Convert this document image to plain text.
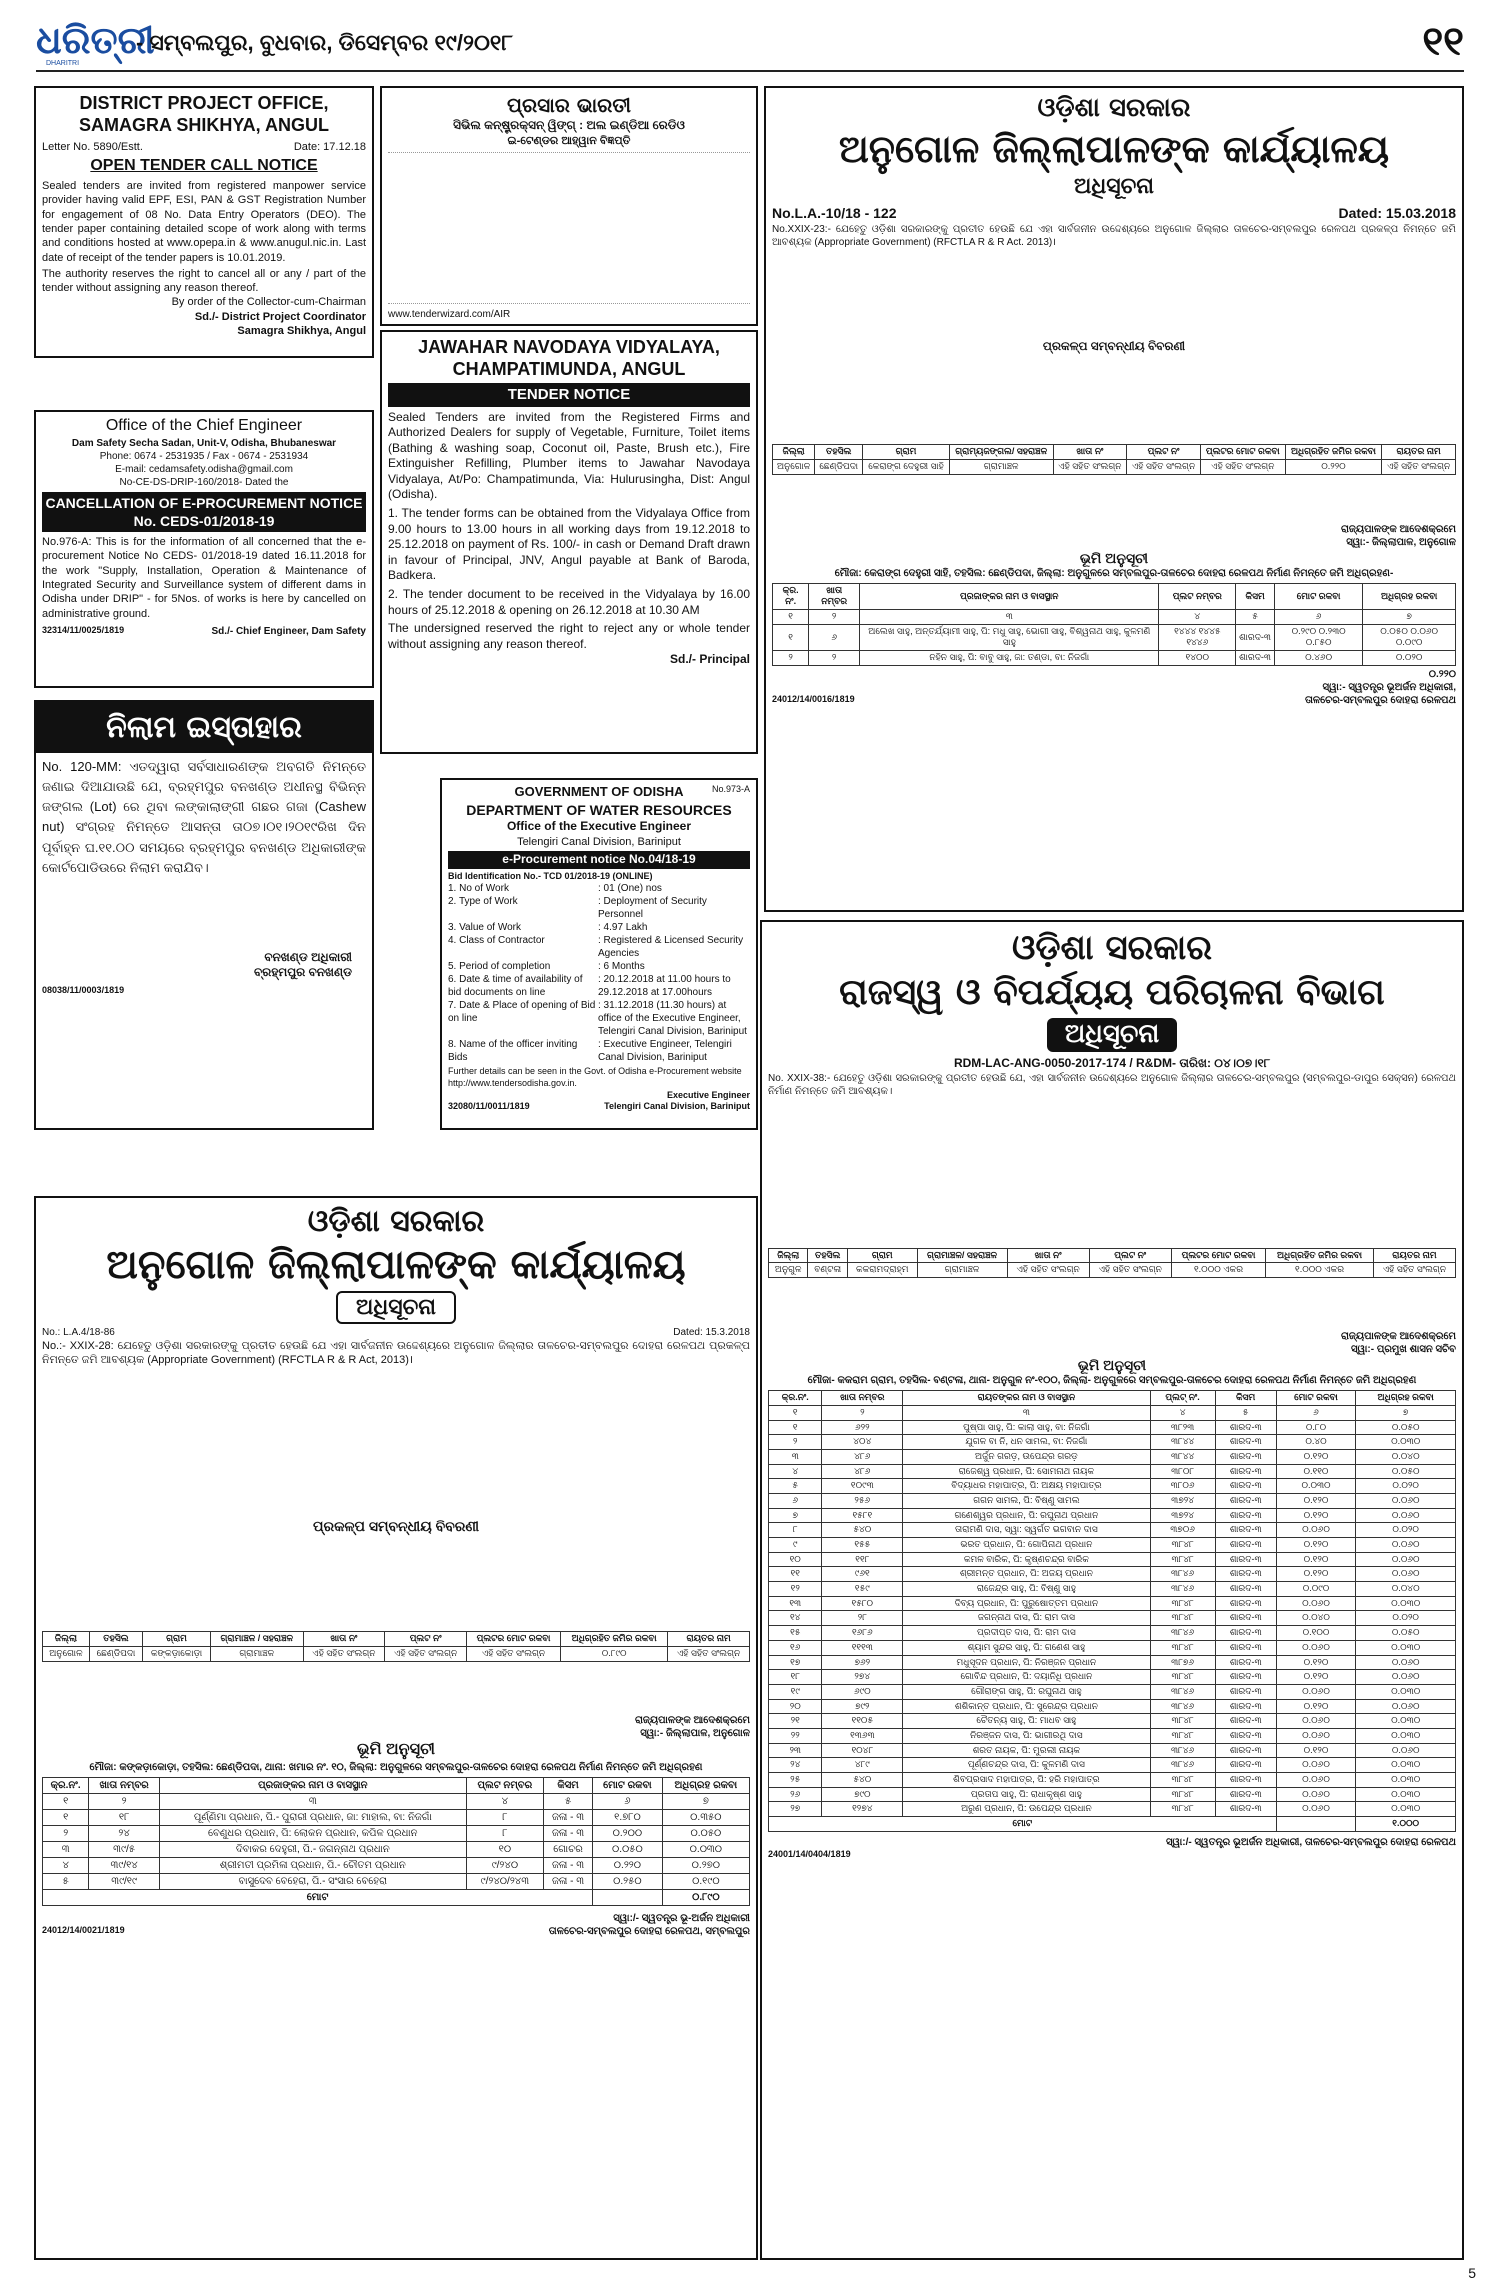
ଧରିତ୍ରୀ
DHARITRI
- ସମ୍ବଲପୁର, ବୁଧବାର, ଡିସେମ୍ବର ୧୯/୨୦୧୮	୧୧
DISTRICT PROJECT OFFICE, SAMAGRA SHIKHYA, ANGUL
Letter No. 5890/Estt.	Date: 17.12.18
OPEN TENDER CALL NOTICE
Sealed tenders are invited from registered manpower service provider having valid EPF, ESI, PAN & GST Registration Number for engagement of 08 No. Data Entry Operators (DEO). The tender paper containing detailed scope of work along with terms and conditions hosted at www.opepa.in & www.anugul.nic.in. Last date of receipt of the tender papers is 10.01.2019.
The authority reserves the right to cancel all or any / part of the tender without assigning any reason thereof.
By order of the Collector-cum-Chairman
Sd./- District Project Coordinator
Samagra Shikhya, Angul
ପ୍ରସାର ଭାରତୀ
ସିଭିଲ କନ୍‌ଷ୍ଟ୍ରକ୍ସନ୍ ୱିଙ୍ଗ୍ : ଅଲ ଇଣ୍ଡିଆ ରେଡିଓ
ଇ-ଟେଣ୍ଡର ଆହ୍ୱାନ ବିଜ୍ଞପ୍ତି
www.tenderwizard.com/AIR
Office of the Chief Engineer
Dam Safety Secha Sadan, Unit-V, Odisha, Bhubaneswar
Phone: 0674 - 2531935 / Fax - 0674 - 2531934
E-mail: cedamsafety.odisha@gmail.com
No-CE-DS-DRIP-160/2018- Dated the
CANCELLATION OF E-PROCUREMENT NOTICE No. CEDS-01/2018-19
No.976-A: This is for the information of all concerned that the e-procurement Notice No CEDS- 01/2018-19 dated 16.11.2018 for the work "Supply, Installation, Operation & Maintenance of Integrated Security and Surveillance system of different dams in Odisha under DRIP" - for 5Nos. of works is here by cancelled on administrative ground.
32314/11/0025/1819	Sd./- Chief Engineer, Dam Safety
JAWAHAR NAVODAYA VIDYALAYA, CHAMPATIMUNDA, ANGUL
TENDER NOTICE
Sealed Tenders are invited from the Registered Firms and Authorized Dealers for supply of Vegetable, Furniture, Toilet items (Bathing & washing soap, Coconut oil, Paste, Brush etc.), Fire Extinguisher Refilling, Plumber items to Jawahar Navodaya Vidyalaya, At/Po: Champatimunda, Via: Hulurusingha, Dist: Angul (Odisha).
1. The tender forms can be obtained from the Vidyalaya Office from 9.00 hours to 13.00 hours in all working days from 19.12.2018 to 25.12.2018 on payment of Rs. 100/- in cash or Demand Draft drawn in favour of Principal, JNV, Angul payable at Bank of Baroda, Badkera.
2. The tender document to be received in the Vidyalaya by 16.00 hours of 25.12.2018 & opening on 26.12.2018 at 10.30 AM
The undersigned reserved the right to reject any or whole tender without assigning any reason thereof.
Sd./- Principal
ନିଲାମ ଇସ୍ତାହାର
No. 120-MM: ଏତଦ୍ୱାରା ସର୍ବସାଧାରଣଙ୍କ ଅବଗତି ନିମନ୍ତେ ଜଣାଇ ଦିଆଯାଉଛି ଯେ, ବ୍ରହ୍ମପୁର ବନଖଣ୍ଡ ଅଧୀନସ୍ଥ ବିଭିନ୍ନ ଜଙ୍ଗଲ (Lot) ରେ ଥିବା ଲଙ୍କାଲାଙ୍ଗୀ ଗଛର ଗଜା (Cashew nut) ସଂଗ୍ରହ ନିମନ୍ତେ ଆସନ୍ତା ତା୦୭।୦୧।୨୦୧୯ରିଖ ଦିନ ପୂର୍ବାହ୍ନ ଘ.୧୧.୦୦ ସମୟରେ ବ୍ରହ୍ମପୁର ବନଖଣ୍ଡ ଅଧିକାରୀଙ୍କ କୋର୍ଟପୋଡିଉରେ ନିଲାମ କରାଯିବ।
ବନଖଣ୍ଡ ଅଧିକାରୀ
ବ୍ରହ୍ମପୁର ବନଖଣ୍ଡ
08038/11/0003/1819
GOVERNMENT OF ODISHA	No.973-A
DEPARTMENT OF WATER RESOURCES
Office of the Executive Engineer
Telengiri Canal Division, Bariniput
e-Procurement notice No.04/18-19
Bid Identification No.- TCD 01/2018-19 (ONLINE)
1. No of Work	: 01 (One) nos
2. Type of Work	: Deployment of Security Personnel
3. Value of Work	: 4.97 Lakh
4. Class of Contractor	: Registered & Licensed Security Agencies
5. Period of completion	: 6 Months
6. Date & time of availability of bid documents on line
: 20.12.2018 at 11.00 hours to 29.12.2018 at 17.00hours
7. Date & Place of opening of Bid on line
: 31.12.2018 (11.30 hours) at office of the Executive Engineer, Telengiri Canal Division, Bariniput
8. Name of the officer inviting Bids
: Executive Engineer, Telengiri Canal Division, Bariniput
Further details can be seen in the Govt. of Odisha e-Procurement website http://www.tendersodisha.gov.in.
Executive Engineer
32080/11/0011/1819	Telengiri Canal Division, Bariniput
ଓଡ଼ିଶା ସରକାର
ଅନୁଗୋଳ ଜିଲ୍ଲାପାଳଙ୍କ କାର୍ଯ୍ୟାଳୟ
ଅଧିସୂଚନା
No.L.A.-10/18 - 122	Dated: 15.03.2018
No.XXIX-23:- ଯେହେତୁ ଓଡ଼ିଶା ସରକାରଙ୍କୁ ପ୍ରତୀତ ହେଉଛି ଯେ ଏହା ସାର୍ବଜନୀନ ଉଦ୍ଦେଶ୍ୟରେ ଅନୁଗୋଳ ଜିଲ୍ଲାର ତାଳଚେର-ସମ୍ବଲପୁର ରେଳପଥ ପ୍ରକଳ୍ପ ନିମନ୍ତେ ଜମି ଆବଶ୍ୟକ (Appropriate Government) (RFCTLA R & R Act. 2013)।
ପ୍ରକଳ୍ପ ସମ୍ବନ୍ଧୀୟ ବିବରଣୀ
ଜିଲ୍ଲା	ତହସିଲ	ଗ୍ରାମ	ଗ୍ରାମ୍ୟଜଙ୍ଗଲ/ ସହରାଞ୍ଚଳ	ଖାତା ନଂ	ପ୍ଲଟ ନଂ	ପ୍ଲଟର ମୋଟ ରକବା	ଅଧିଗ୍ରହିତ ଜମିର ରକବା	ରାୟତର ନାମ
ଅନୁଗୋଳ	ଛେଣ୍ଡିପଦା	କେରାଙ୍ଗ ଦେହୁରୀ ସାହି	ଗ୍ରାମାଞ୍ଚଳ	ଏହି ସହିତ ସଂଲଗ୍ନ	ଏହି ସହିତ ସଂଲଗ୍ନ	ଏହି ସହିତ ସଂଲଗ୍ନ	୦.୨୨୦	ଏହି ସହିତ ସଂଲଗ୍ନ
ରାଜ୍ୟପାଳଙ୍କ ଆଦେଶକ୍ରମେ
ସ୍ୱା:- ଜିଲ୍ଲାପାଳ, ଅନୁଗୋଳ
ଭୂମି ଅନୁସୂଚୀ
ମୌଜା: କେରାଙ୍ଗ ଦେହୁରୀ ସାହି, ତହସିଲ: ଛେଣ୍ଡିପଦା, ଜିଲ୍ଲା: ଅନୁଗୁଳରେ ସମ୍ବଲପୁର-ତାଳଚେର ଦୋହରା ରେଳପଥ ନିର୍ମାଣ ନିମନ୍ତେ ଜମି ଅଧିଗ୍ରହଣ-
କ୍ର. ନଂ.	ଖାତା ନମ୍ବର	ପ୍ରଜାଙ୍କର ନାମ ଓ ବାସସ୍ଥାନ	ପ୍ଲଟ ନମ୍ବର	କିସମ	ମୋଟ ରକବା	ଅଧିଗ୍ରହ ରକବା
୧	୨	୩	୪	୫	୬	୭
୧	୬	ଅଲେଖ ସାହୁ, ଅନ୍ତର୍ଯ୍ୟାମୀ ସାହୁ, ପି: ମଧୁ ସାହୁ, ଭୋଗୀ ସାହୁ, ବିଶ୍ୱନାଥ ସାହୁ, କୁଳମଣି ସାହୁ	୧୪୪୪ ୧୪୪୫ ୧୪୪୬	ଶାରଦ-୩	୦.୨୯୦ ୦.୨୩୦ ୦.୮୫୦	୦.୦୫୦ ୦.୦୬୦ ୦.୦୯୦
୨	୨	ନହିନ ସାହୁ, ପି: ବାବୁ ସାହୁ, ଜା: ତଣ୍ଡା, ବା: ନିଜଗାଁ	୧୪୦୦	ଶାରଦ-୩	୦.୪୬୦	୦.୦୨୦
୦.୨୨୦
ସ୍ୱା:- ସ୍ୱତନ୍ତ୍ର ଭୂଅର୍ଜନ ଅଧିକାରୀ,
24012/14/0016/1819	ତାଳଚେର-ସମ୍ବଲପୁର ଦୋହରା ରେଳପଥ
ଓଡ଼ିଶା ସରକାର
ରାଜସ୍ୱ ଓ ବିପର୍ଯ୍ୟୟ ପରିଚାଳନା ବିଭାଗ
ଅଧିସୂଚନା
RDM-LAC-ANG-0050-2017-174 / R&DM- ତାରିଖ: ୦୪।୦୭।୧୮
No. XXIX-38:- ଯେହେତୁ ଓଡ଼ିଶା ସରକାରଙ୍କୁ ପ୍ରତୀତ ହେଉଛି ଯେ, ଏହା ସାର୍ବଜନୀନ ଉଦ୍ଦେଶ୍ୟରେ ଅନୁଗୋଳ ଜିଲ୍ଲାର ତାଳଚେର-ସମ୍ବଲପୁର (ସମ୍ବଲପୁର-ଡାପୁର ସେକ୍ସନ) ରେଳପଥ ନିର୍ମାଣ ନିମନ୍ତେ ଜମି ଆବଶ୍ୟକ।
ଜିଲ୍ଲା	ତହସିଲ	ଗ୍ରାମ	ଗ୍ରାମାଞ୍ଚଳ/ ସହରାଞ୍ଚଳ	ଖାତା ନଂ	ପ୍ଲଟ ନଂ	ପ୍ଲଟର ମୋଟ ରକବା	ଅଧିଗ୍ରହିତ ଜମିର ରକବା	ରାୟତର ନାମ
ଅନୁଗୁଳ	ବଣ୍ଟଳା	କକରାମଦ୍ରାହ୍ମ	ଗ୍ରାମାଞ୍ଚଳ	ଏହି ସହିତ ସଂଲଗ୍ନ	ଏହି ସହିତ ସଂଲଗ୍ନ	୧.୦୦୦ ଏକର	୧.୦୦୦ ଏକର	ଏହି ସହିତ ସଂଲଗ୍ନ
ରାଜ୍ୟପାଳଙ୍କ ଆଦେଶକ୍ରମେ
ସ୍ୱା:- ପ୍ରମୁଖ ଶାସନ ସଚିବ
ଭୂମି ଅନୁସୂଚୀ
ମୌଜା- କକରାମ ଗ୍ରାମ, ତହସିଲ- ବଣ୍ଟଳା, ଥାନା- ଅନୁଗୁଳ ନଂ-୧୦୦, ଜିଲ୍ଲା- ଅନୁଗୁଳରେ ସମ୍ବଲପୁର-ତାଳଚେର ଦୋହରା ରେଳପଥ ନିର୍ମାଣ ନିମନ୍ତେ ଜମି ଅଧିଗ୍ରହଣ
କ୍ର.ନଂ.	ଖାତା ନମ୍ବର	ରାୟତଙ୍କର ନାମ ଓ ବାସସ୍ଥାନ	ପ୍ଲଟ୍ ନଂ.	କିସମ	ମୋଟ ରକବା	ଅଧିଗ୍ରହ ରକବା
୧	୨	୩	୪	୫	୬	୭
୧	୬୨୨	ପୁଷ୍ପା ସାହୁ, ପି: କାଲା ସାହୁ, ବା: ନିଜଗାଁ	୩୮୨୩	ଶାରଦ-୩	୦.୮୦	୦.୦୫୦
୨	୪୦୪	ଯୁଗଳ ବା ନି, ଧନ ସାମଲ, ବା: ନିଜଗାଁ	୩୮୪୪	ଶାରଦ-୩	୦.୪୦	୦.୦୩୦
୩	୪୮୬	ଅର୍ଜୁନ ଗରଡ଼, ଉପେନ୍ଦ୍ର ଗରଡ଼	୩୮୪୪	ଶାରଦ-୩	୦.୧୨୦	୦.୦୪୦
୪	୪୮୬	ରାଜେଶ୍ୱ ପ୍ରଧାନ, ପି: ସୋମନାଥ ନାୟକ	୩୮୦୮	ଶାରଦ-୩	୦.୧୧୦	୦.୦୫୦
୫	୧୦୯୩	ବିଦ୍ୟାଧର ମହାପାତ୍ର, ପି: ଅକ୍ଷୟ ମହାପାତ୍ର	୩୮୦୬	ଶାରଦ-୩	୦.୦୩୦	୦.୦୨୦
୬	୨୫୬	ଗଗନ ସାମଲ, ପି: ବିଷ୍ଣୁ ସାମଲ	୩୭୨୪	ଶାରଦ-୩	୦.୧୨୦	୦.୦୬୦
୭	୧୫୮୧	ଗଣେଶ୍ୱର ପ୍ରଧାନ, ପି: ରଘୁନାଥ ପ୍ରଧାନ	୩୭୨୪	ଶାରଦ-୩	୦.୧୨୦	୦.୦୬୦
୮	୫୪୦	ତାରାମଣି ଦାସ, ସ୍ୱା: ସ୍ୱର୍ଗତ ଭଗବାନ ଦାସ	୩୭୦୬	ଶାରଦ-୩	୦.୦୬୦	୦.୦୨୦
୯	୧୫୫	ଭରତ ପ୍ରଧାନ, ପି: ଗୋପିନାଥ ପ୍ରଧାନ	୩୮୪୮	ଶାରଦ-୩	୦.୧୨୦	୦.୦୬୦
୧୦	୧୧୮	କମଳ ବାରିକ, ପି: କୃଷ୍ଣଚନ୍ଦ୍ର ବାରିକ	୩୮୪୮	ଶାରଦ-୩	୦.୧୨୦	୦.୦୬୦
୧୧	୯୬୧	ଶ୍ରୀମନ୍ତ ପ୍ରଧାନ, ପି: ଅଜୟ ପ୍ରଧାନ	୩୮୪୬	ଶାରଦ-୩	୦.୧୨୦	୦.୦୬୦
୧୨	୧୫୯	ରାଜେନ୍ଦ୍ର ସାହୁ, ପି: ବିଷ୍ଣୁ ସାହୁ	୩୮୪୬	ଶାରଦ-୩	୦.୦୯୦	୦.୦୪୦
୧୩	୧୫୮୦	ଦିବ୍ୟ ପ୍ରଧାନ, ପି: ପୁରୁଷୋତ୍ତମ ପ୍ରଧାନ	୩୮୪୮	ଶାରଦ-୩	୦.୦୬୦	୦.୦୩୦
୧୪	୨୮	ଜଗନ୍ନାଥ ଦାସ, ପି: ରାମ ଦାସ	୩୮୪୮	ଶାରଦ-୩	୦.୦୪୦	୦.୦୨୦
୧୫	୧୬୮୬	ପ୍ରଦୀପ୍ତ ଦାସ, ପି: ରାମ ଦାସ	୩୮୪୬	ଶାରଦ-୩	୦.୧୦୦	୦.୦୫୦
୧୬	୧୧୧୩	ଶ୍ୟାମ ସୁନ୍ଦର ସାହୁ, ପି: ଗଣେଶ ସାହୁ	୩୮୪୮	ଶାରଦ-୩	୦.୦୬୦	୦.୦୩୦
୧୭	୭୬୨	ମଧୁସୂଦନ ପ୍ରଧାନ, ପି: ନିରଞ୍ଜନ ପ୍ରଧାନ	୩୮୭୬	ଶାରଦ-୩	୦.୧୨୦	୦.୦୬୦
୧୮	୨୭୪	ଗୋବିନ୍ଦ ପ୍ରଧାନ, ପି: ଦୟାନିଧି ପ୍ରଧାନ	୩୮୪୮	ଶାରଦ-୩	୦.୧୨୦	୦.୦୬୦
୧୯	୬୯୦	ଗୌରାଙ୍ଗ ସାହୁ, ପି: ରଘୁନାଥ ସାହୁ	୩୮୪୬	ଶାରଦ-୩	୦.୦୬୦	୦.୦୩୦
୨୦	୭୯୨	ଶଶିକାନ୍ତ ପ୍ରଧାନ, ପି: ସୁରେନ୍ଦ୍ର ପ୍ରଧାନ	୩୮୪୬	ଶାରଦ-୩	୦.୧୨୦	୦.୦୬୦
୨୧	୧୧୦୫	ଚୈତନ୍ୟ ସାହୁ, ପି: ମାଧବ ସାହୁ	୩୮୪୮	ଶାରଦ-୩	୦.୦୬୦	୦.୦୩୦
୨୨	୧୩୬୩	ନିରଞ୍ଜନ ଦାସ, ପି: ଭାଗୀରଥି ଦାସ	୩୮୪୮	ଶାରଦ-୩	୦.୦୬୦	୦.୦୩୦
୨୩	୧୦୪୮	ଶରତ ନାୟକ, ପି: ମୁରଲୀ ନାୟକ	୩୮୪୬	ଶାରଦ-୩	୦.୧୨୦	୦.୦୬୦
୨୪	୪୮୯	ପୂର୍ଣ୍ଣଚନ୍ଦ୍ର ଦାସ, ପି: କୁଳମଣି ଦାସ	୩୮୪୬	ଶାରଦ-୩	୦.୦୬୦	୦.୦୩୦
୨୫	୫୪୦	ଶିବପ୍ରସାଦ ମହାପାତ୍ର, ପି: ହରି ମହାପାତ୍ର	୩୮୪୮	ଶାରଦ-୩	୦.୦୬୦	୦.୦୩୦
୨୬	୭୯୦	ପ୍ରତାପ ସାହୁ, ପି: ରାଧାକୃଷ୍ଣ ସାହୁ	୩୮୪୮	ଶାରଦ-୩	୦.୦୬୦	୦.୦୩୦
୨୭	୧୨୭୪	ଅରୁଣ ପ୍ରଧାନ, ପି: ଉପେନ୍ଦ୍ର ପ୍ରଧାନ	୩୮୪୮	ଶାରଦ-୩	୦.୦୬୦	୦.୦୩୦
ମୋଟ						୧.୦୦୦
ସ୍ୱା:/- ସ୍ୱତନ୍ତ୍ର ଭୂଅର୍ଜନ ଅଧିକାରୀ, ତାଳଚେର-ସମ୍ବଲପୁର ଦୋହରା ରେଳପଥ
24001/14/0404/1819
ଓଡ଼ିଶା ସରକାର
ଅନୁଗୋଳ ଜିଲ୍ଲାପାଳଙ୍କ କାର୍ଯ୍ୟାଳୟ
ଅଧିସୂଚନା
No.: L.A.4/18-86	Dated: 15.3.2018
No.:- XXIX-28: ଯେହେତୁ ଓଡ଼ିଶା ସରକାରଙ୍କୁ ପ୍ରତୀତ ହେଉଛି ଯେ ଏହା ସାର୍ବଜନୀନ ଉଦ୍ଦେଶ୍ୟରେ ଅନୁଗୋଳ ଜିଲ୍ଲାର ତାଳଚେର-ସମ୍ବଲପୁର ଦୋହରା ରେଳପଥ ପ୍ରକଳ୍ପ ନିମନ୍ତେ ଜମି ଆବଶ୍ୟକ (Appropriate Government) (RFCTLA R & R Act, 2013)।
ପ୍ରକଳ୍ପ ସମ୍ବନ୍ଧୀୟ ବିବରଣୀ
ଜିଲ୍ଲା	ତହସିଲ	ଗ୍ରାମ	ଗ୍ରାମାଞ୍ଚଳ / ସହରାଞ୍ଚଳ	ଖାତା ନଂ	ପ୍ଲଟ ନଂ	ପ୍ଲଟର ମୋଟ ରକବା	ଅଧିଗ୍ରହିତ ଜମିର ରକବା	ରାୟତର ନାମ
ଅନୁଗୋଳ	ଛେଣ୍ଡିପଦା	କଙ୍କଡ଼ାକୋଡ଼ା	ଗ୍ରାମାଞ୍ଚଳ	ଏହି ସହିତ ସଂଲଗ୍ନ	ଏହି ସହିତ ସଂଲଗ୍ନ	ଏହି ସହିତ ସଂଲଗ୍ନ	୦.୮୯୦	ଏହି ସହିତ ସଂଲଗ୍ନ
ରାଜ୍ୟପାଳଙ୍କ ଆଦେଶକ୍ରମେ
ସ୍ୱା:- ଜିଲ୍ଲାପାଳ, ଅନୁଗୋଳ
ଭୂମି ଅନୁସୂଚୀ
ମୌଜା: କଙ୍କଡ଼ାକୋଡ଼ା, ତହସିଲ: ଛେଣ୍ଡିପଦା, ଥାନା: ଖମାର ନଂ. ୧୦, ଜିଲ୍ଲା: ଅନୁଗୁଳରେ ସମ୍ବଲପୁର-ତାଳଚେର ଦୋହରା ରେଳପଥ ନିର୍ମାଣ ନିମନ୍ତେ ଜମି ଅଧିଗ୍ରହଣ
କ୍ର.ନଂ.	ଖାତା ନମ୍ବର	ପ୍ରଜାଙ୍କର ନାମ ଓ ବାସସ୍ଥାନ	ପ୍ଲଟ ନମ୍ବର	କିସମ	ମୋଟ ରକବା	ଅଧିଗ୍ରହ ରକବା
୧	୨	୩	୪	୫	୬	୭
୧	୧୮	ପୂର୍ଣ୍ଣିମା ପ୍ରଧାନ, ପି.- ପୁରାରୀ ପ୍ରଧାନ, ଜା: ମାହାଲ, ବା: ନିଜଗାଁ	୮	ଜଳା - ୩	୧.୭୮୦	୦.୩୫୦
୨	୨୪	ବେଣୁଧର ପ୍ରଧାନ, ପି: ଲୋକନ ପ୍ରଧାନ, କପିଳ ପ୍ରଧାନ	୮	ଜଳା - ୩	୦.୨୦୦	୦.୦୫୦
୩	୩୯/୫	ଦିବାକର ଦେହୁରୀ, ପି.- ଜଗନ୍ନାଥ ପ୍ରଧାନ	୧୦	ଗୋଚର	୦.୦୫୦	୦.୦୩୦
୪	୩୯/୧୪	ଶ୍ରୀମତୀ ପ୍ରମିଳା ପ୍ରଧାନ, ପି.- ଚୌତମ ପ୍ରଧାନ	୯/୨୪୦	ଜଳା - ୩	୦.୨୨୦	୦.୨୭୦
୫	୩୯/୧୯	ବାସୁଦେବ ବେହେରା, ପି.- ସଂସାର ବେହେରା	୯/୨୪୦/୨୪୩	ଜଳା - ୩	୦.୨୫୦	୦.୧୯୦
ମୋଟ						୦.୮୯୦
ସ୍ୱା:/- ସ୍ୱତନ୍ତ୍ର ଭୂ-ଅର୍ଜନ ଅଧିକାରୀ
24012/14/0021/1819	ତାଳଚେର-ସମ୍ବଲପୁର ଦୋହରା ରେଳପଥ, ସମ୍ବଲପୁର
5
